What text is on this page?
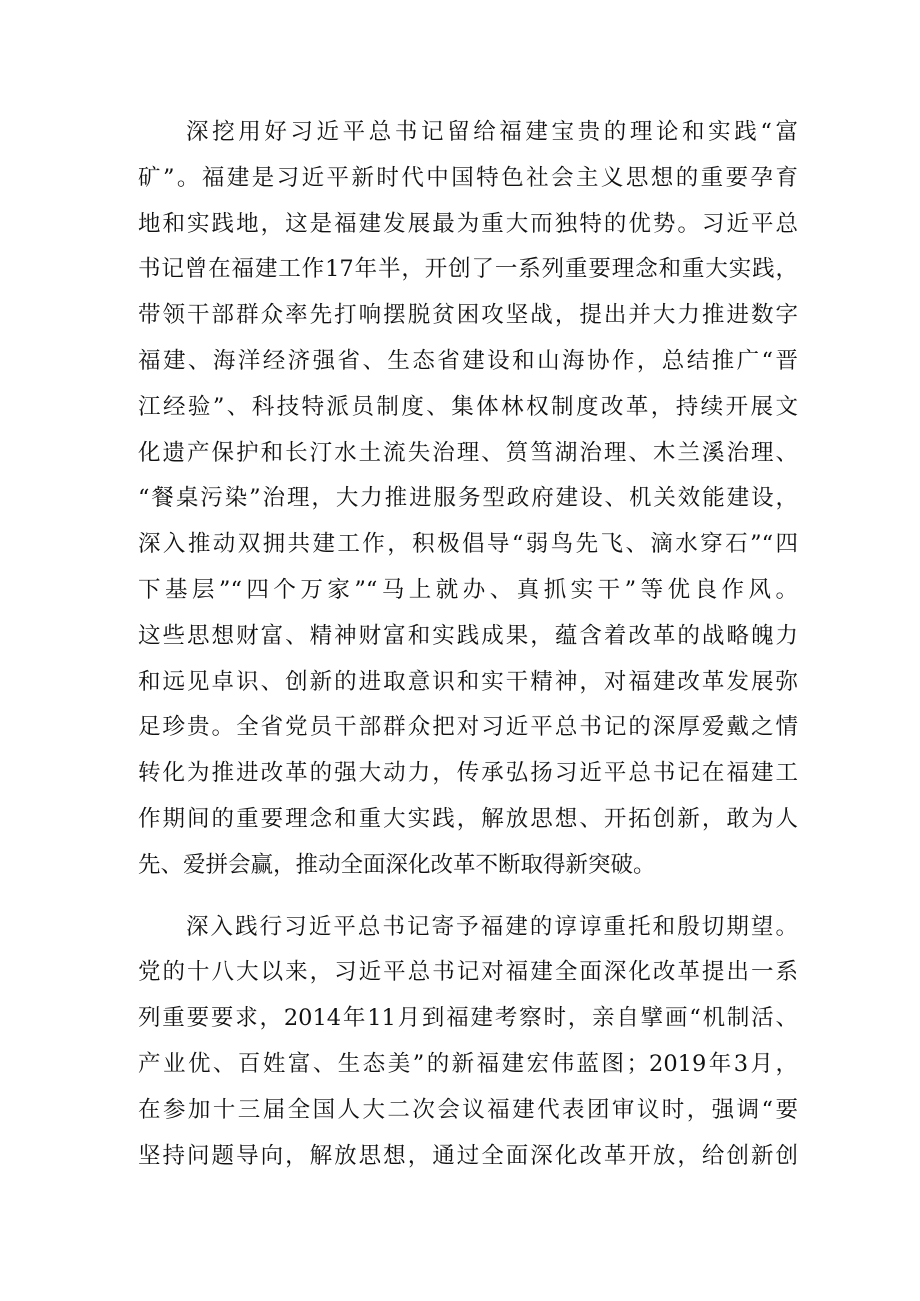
深挖用好习近平总书记留给福建宝贵的理论和实践“富
矿”。福建是习近平新时代中国特色社会主义思想的重要孕育
地和实践地，这是福建发展最为重大而独特的优势。习近平总
书记曾在福建工作17年半，开创了一系列重要理念和重大实践，
带领干部群众率先打响摆脱贫困攻坚战，提出并大力推进数字
福建、海洋经济强省、生态省建设和山海协作，总结推广“晋
江经验”、科技特派员制度、集体林权制度改革，持续开展文
化遗产保护和长汀水土流失治理、筼筜湖治理、木兰溪治理、
“餐桌污染”治理，大力推进服务型政府建设、机关效能建设，
深入推动双拥共建工作，积极倡导“弱鸟先飞、滴水穿石”“四
下基层”“四个万家”“马上就办、真抓实干”等优良作风。
这些思想财富、精神财富和实践成果，蕴含着改革的战略魄力
和远见卓识、创新的进取意识和实干精神，对福建改革发展弥
足珍贵。全省党员干部群众把对习近平总书记的深厚爱戴之情
转化为推进改革的强大动力，传承弘扬习近平总书记在福建工
作期间的重要理念和重大实践，解放思想、开拓创新，敢为人
先、爱拼会赢，推动全面深化改革不断取得新突破。
深入践行习近平总书记寄予福建的谆谆重托和殷切期望。
党的十八大以来，习近平总书记对福建全面深化改革提出一系
列重要要求，2014年11月到福建考察时，亲自擘画“机制活、
产业优、百姓富、生态美”的新福建宏伟蓝图；2019年3月，
在参加十三届全国人大二次会议福建代表团审议时，强调“要
坚持问题导向，解放思想，通过全面深化改革开放，给创新创
